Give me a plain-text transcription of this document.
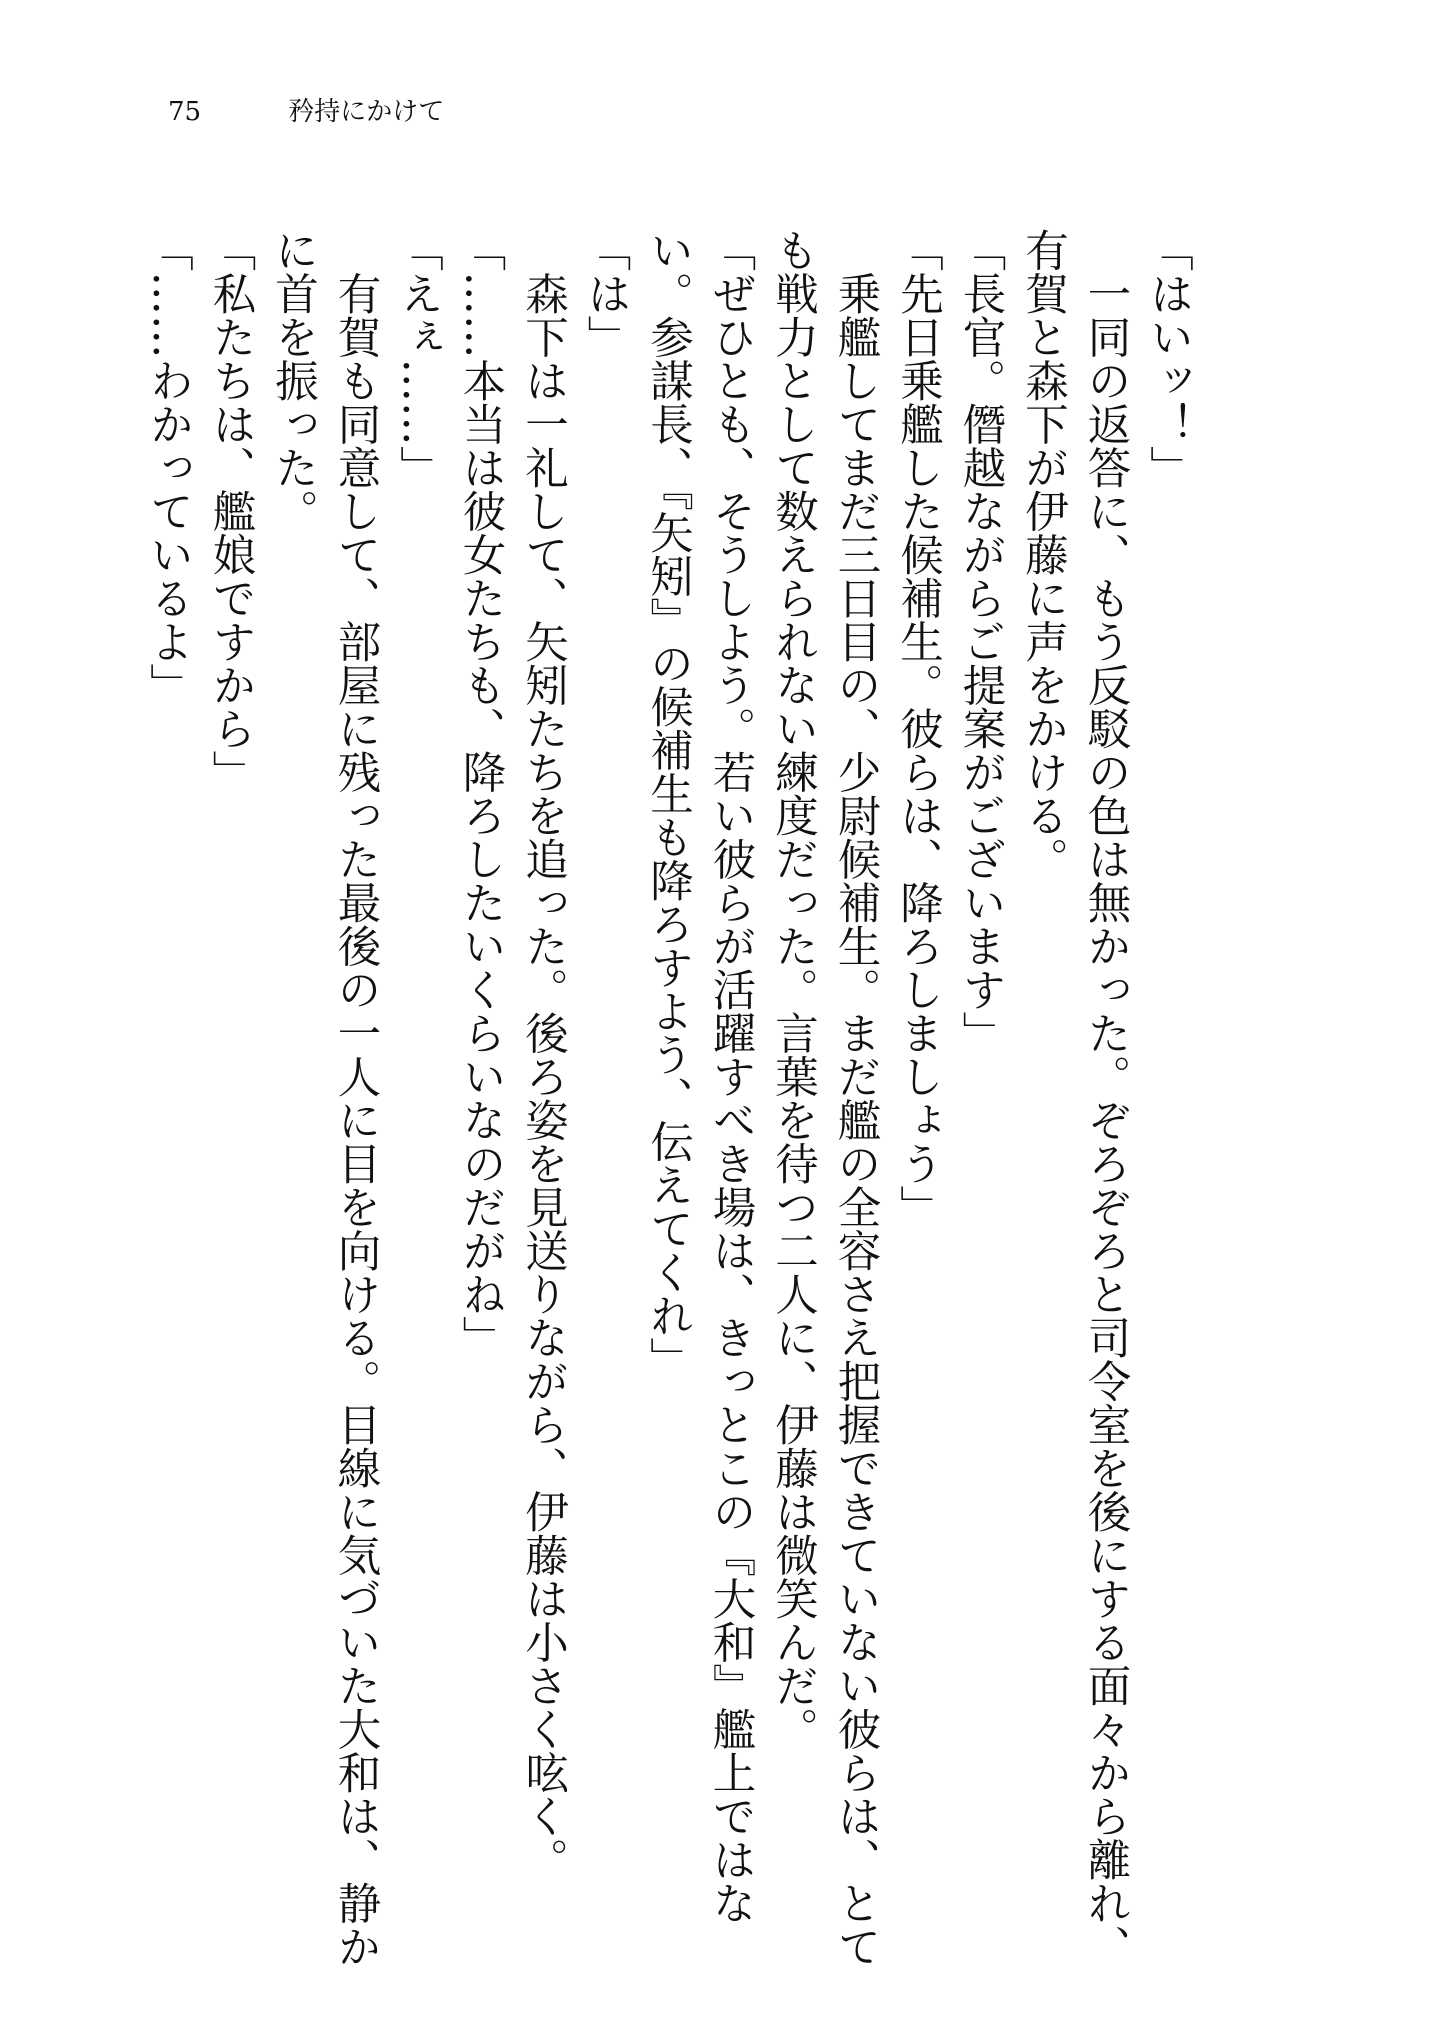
75	矜持にかけて

「はいッ！」

　一同の返答に、もう反駁の色は無かった。ぞろぞろと司令室を後にする面々から離れ、有賀と森下が伊藤に声をかける。

「長官。僭越ながらご提案がございます」

「先日乗艦した候補生。彼らは、降ろしましょう」

　乗艦してまだ三日目の、少尉候補生。まだ艦の全容さえ把握できていない彼らは、とても戦力として数えられない練度だった。言葉を待つ二人に、伊藤は微笑んだ。

「ぜひとも、そうしよう。若い彼らが活躍すべき場は、きっとこの『大和』艦上ではない。参謀長、『矢矧』の候補生も降ろすよう、伝えてくれ」

「は」

　森下は一礼して、矢矧たちを追った。後ろ姿を見送りながら、伊藤は小さく呟く。

「……本当は彼女たちも、降ろしたいくらいなのだがね」

「えぇ……」

　有賀も同意して、部屋に残った最後の一人に目を向ける。目線に気づいた大和は、静かに首を振った。

「私たちは、艦娘ですから」

「……わかっているよ」
